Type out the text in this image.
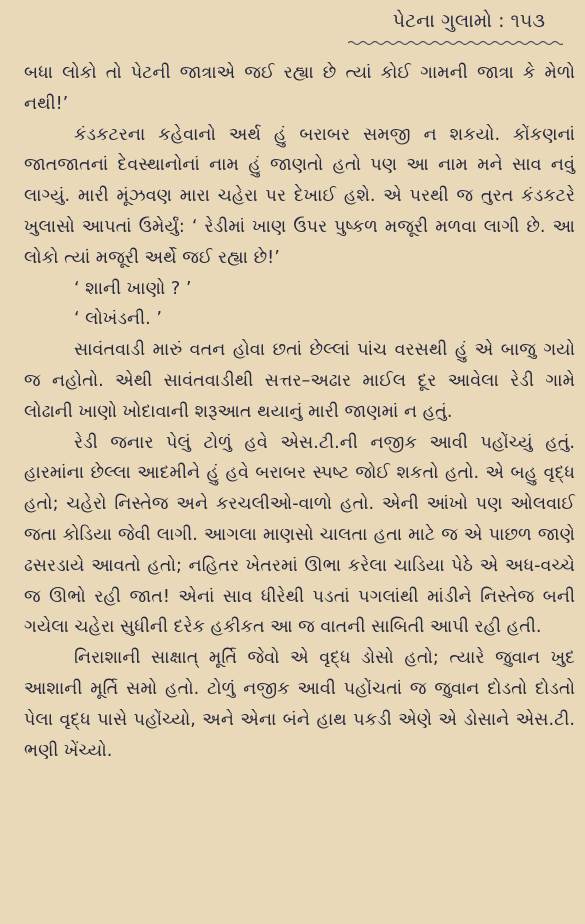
પેટના ગુલામો : ૧૫૩

બધા લોકો તો પેટની જાત્રાએ જઈ રહ્યા છે ત્યાં કોઈ ગામની જાત્રા કે મેળો નથી!’

કંડકટરના કહેવાનો અર્થ હું બરાબર સમજી ન શકયો. કોંકણનાં જાતજાતનાં દેવસ્થાનોનાં નામ હું જાણતો હતો પણ આ નામ મને સાવ નવું લાગ્યું. મારી મૂંઝવણ મારા ચહેરા પર દેખાઈ હશે. એ પરથી જ તુરત કંડકટરે ખુલાસો આપતાં ઉમેર્યું: ‘ રેડીમાં ખાણ ઉપર પુષ્કળ મજૂરી મળવા લાગી છે. આ લોકો ત્યાં મજૂરી અર્થે જઈ રહ્યા છે!’

‘ શાની ખાણો ? ’

‘ લોખંડની. ’

સાવંતવાડી મારું વતન હોવા છતાં છેલ્લાં પાંચ વરસથી હું એ બાજુ ગયો જ નહોતો. એથી સાવંતવાડીથી સત્તર–અઢાર માઈલ દૂર આવેલા રેડી ગામે લોઢાની ખાણો ખોદાવાની શરૂઆત થયાનું મારી જાણમાં ન હતું.

રેડી જનાર પેલું ટોળું હવે એસ.ટી.ની નજીક આવી પહોંચ્યું હતું. હારમાંના છેલ્લા આદમીને હું હવે બરાબર સ્પષ્ટ જોઈ શકતો હતો. એ બહુ વૃદ્ધ હતો; ચહેરો નિસ્તેજ અને કરચલીઓ-વાળો હતો. એની આંખો પણ ઓલવાઈ જતા કોડિયા જેવી લાગી. આગલા માણસો ચાલતા હતા માટે જ એ પાછળ જાણે ઢસરડાયે આવતો હતો; નહિતર ખેતરમાં ઊભા કરેલા ચાડિયા પેઠે એ અધ-વચ્ચે જ ઊભો રહી જાત! એનાં સાવ ધીરેથી પડતાં પગલાંથી માંડીને નિસ્તેજ બની ગયેલા ચહેરા સુધીની દરેક હકીકત આ જ વાતની સાબિતી આપી રહી હતી.

નિરાશાની સાક્ષાત્ મૂર્તિ જેવો એ વૃદ્ધ ડોસો હતો; ત્યારે જુવાન ખુદ આશાની મૂર્તિ સમો હતો. ટોળું નજીક આવી પહોંચતાં જ જુવાન દોડતો દોડતો પેલા વૃદ્ધ પાસે પહોંચ્યો, અને એના બંને હાથ પકડી એણે એ ડોસાને એસ.ટી. ભણી ખેંચ્યો.
